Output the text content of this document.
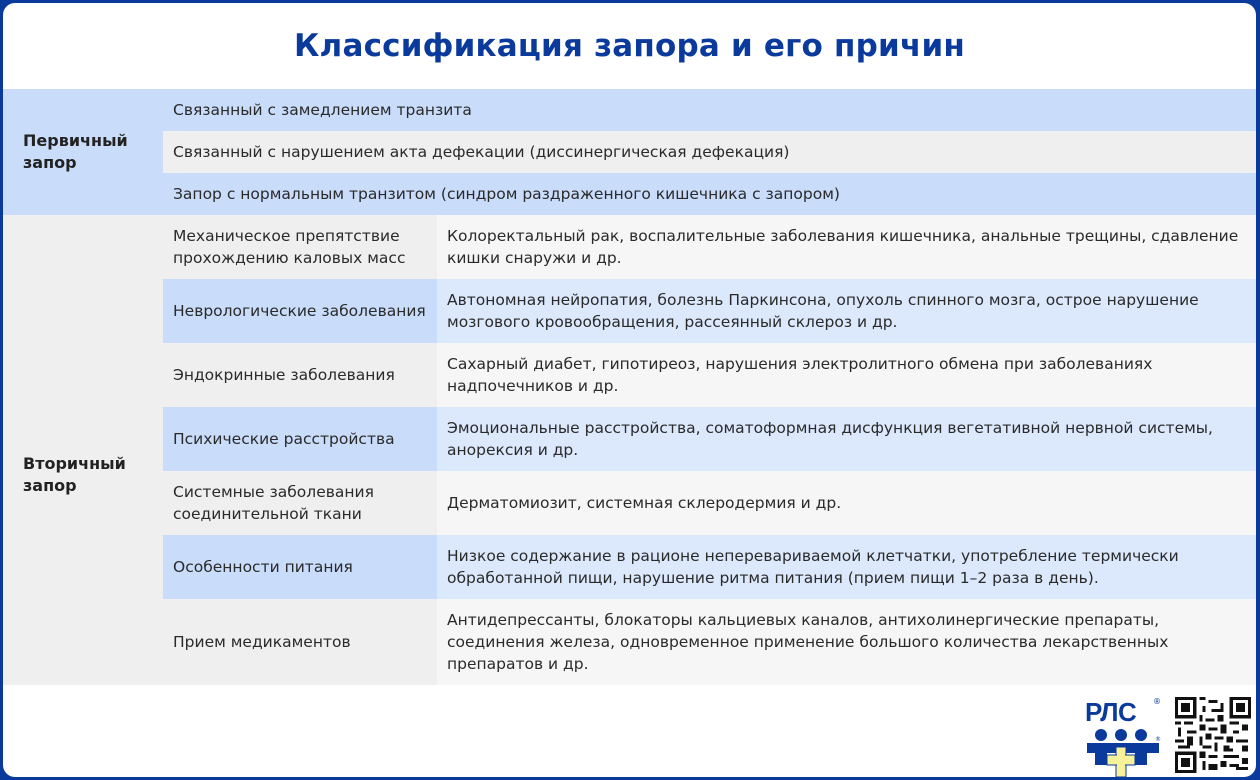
Классификация запора и его причин
Первичный запор
Связанный с замедлением транзита
Связанный с нарушением акта дефекации (диссинергическая дефекация)
Запор с нормальным транзитом (синдром раздраженного кишечника с запором)
Вторичный запор
Механическое препятствие прохождению каловых масс
Колоректальный рак, воспалительные заболевания кишечника, анальные трещины, сдавление кишки снаружи и др.
Неврологические заболевания
Автономная нейропатия, болезнь Паркинсона, опухоль спинного мозга, острое нарушение мозгового кровообращения, рассеянный склероз и др.
Эндокринные заболевания
Сахарный диабет, гипотиреоз, нарушения электролитного обмена при заболеваниях надпочечников и др.
Психические расстройства
Эмоциональные расстройства, соматоформная дисфункция вегетативной нервной системы, анорексия и др.
Системные заболевания соединительной ткани
Дерматомиозит, системная склеродермия и др.
Особенности питания
Низкое содержание в рационе неперевариваемой клетчатки, употребление термически обработанной пищи, нарушение ритма питания (прием пищи 1–2 раза в день).
Прием медикаментов
Антидепрессанты, блокаторы кальциевых каналов, антихолинергические препараты, соединения железа, одновременное применение большого количества лекарственных препаратов и др.
РЛС ®
®
